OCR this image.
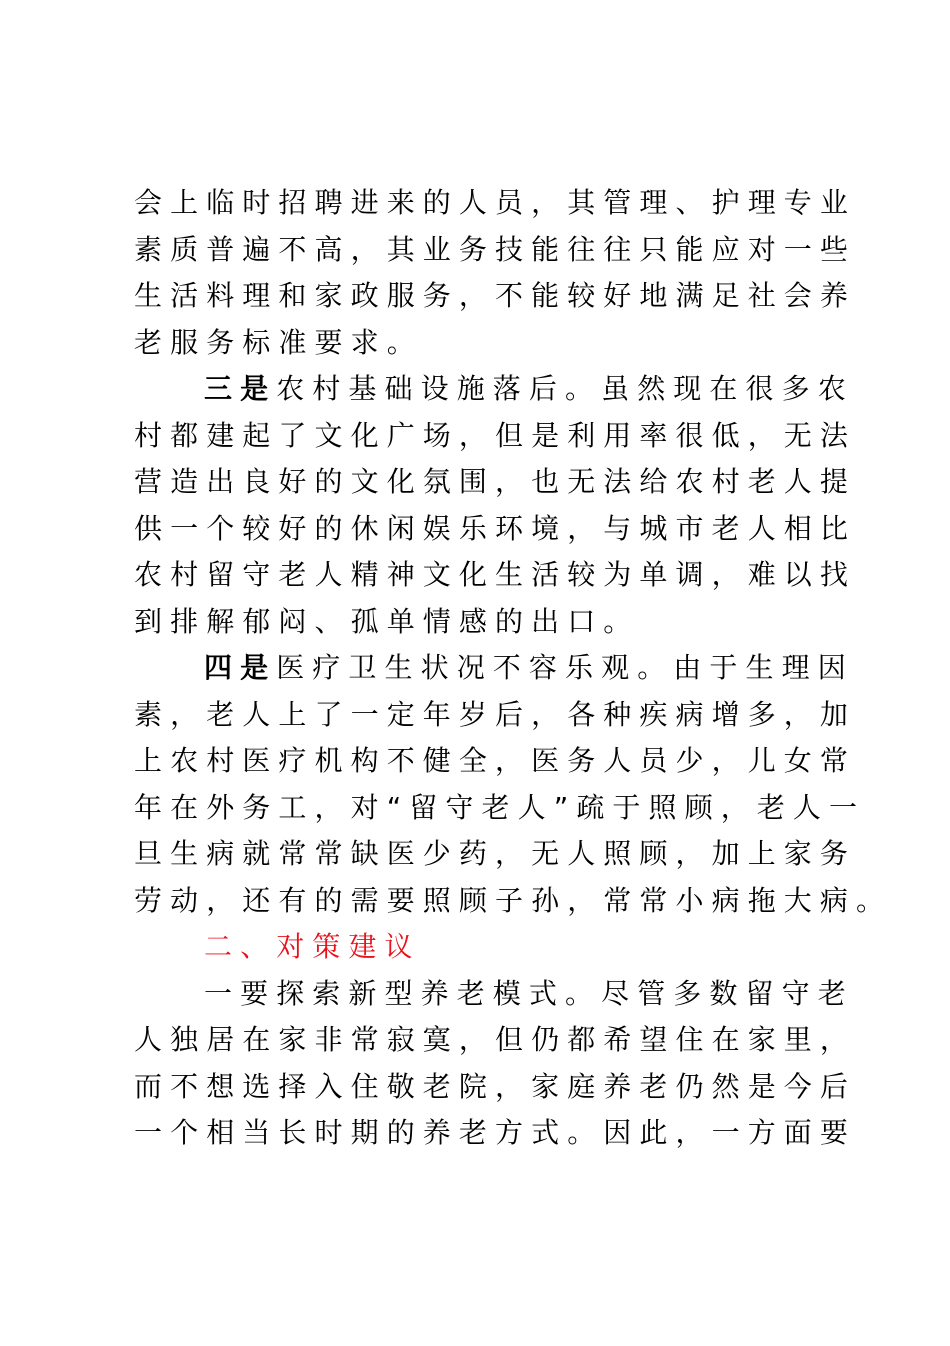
会上临时招聘进来的人员，其管理、护理专业
素质普遍不高，其业务技能往往只能应对一些
生活料理和家政服务，不能较好地满足社会养
老服务标准要求。
三是农村基础设施落后。虽然现在很多农
村都建起了文化广场，但是利用率很低，无法
营造出良好的文化氛围，也无法给农村老人提
供一个较好的休闲娱乐环境，与城市老人相比
农村留守老人精神文化生活较为单调，难以找
到排解郁闷、孤单情感的出口。
四是医疗卫生状况不容乐观。由于生理因
素，老人上了一定年岁后，各种疾病增多，加
上农村医疗机构不健全，医务人员少，儿女常
年在外务工，对“留守老人”疏于照顾，老人一
旦生病就常常缺医少药，无人照顾，加上家务
劳动，还有的需要照顾子孙，常常小病拖大病。
二、对策建议
一要探索新型养老模式。尽管多数留守老
人独居在家非常寂寞，但仍都希望住在家里，
而不想选择入住敬老院，家庭养老仍然是今后
一个相当长时期的养老方式。因此，一方面要
